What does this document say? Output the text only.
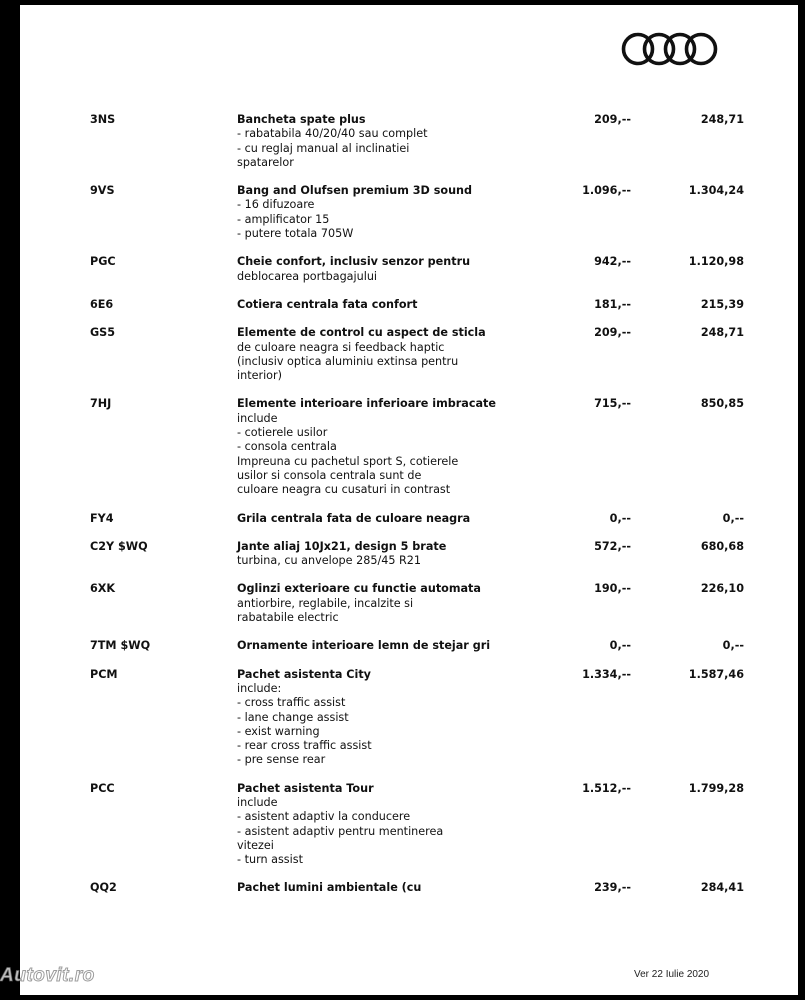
3NS	Bancheta spate plus
- rabatabila 40/20/40 sau complet
- cu reglaj manual al inclinatiei
spatarelor
209,--	248,71
9VS	Bang and Olufsen premium 3D sound
- 16 difuzoare
- amplificator 15
- putere totala 705W
1.096,--	1.304,24
PGC	Cheie confort, inclusiv senzor pentru
deblocarea portbagajului
942,--	1.120,98
6E6	Cotiera centrala fata confort	181,--	215,39
GS5	Elemente de control cu aspect de sticla
de culoare neagra si feedback haptic
(inclusiv optica aluminiu extinsa pentru
interior)
209,--	248,71
7HJ	Elemente interioare inferioare imbracate
include
- cotierele usilor
- consola centrala
Impreuna cu pachetul sport S, cotierele
usilor si consola centrala sunt de
culoare neagra cu cusaturi in contrast
715,--	850,85
FY4	Grila centrala fata de culoare neagra	0,--	0,--
C2Y $WQ	Jante aliaj 10Jx21, design 5 brate
turbina, cu anvelope 285/45 R21
572,--	680,68
6XK	Oglinzi exterioare cu functie automata
antiorbire, reglabile, incalzite si
rabatabile electric
190,--	226,10
7TM $WQ	Ornamente interioare lemn de stejar gri	0,--	0,--
PCM	Pachet asistenta City
include:
- cross traffic assist
- lane change assist
- exist warning
- rear cross traffic assist
- pre sense rear
1.334,--	1.587,46
PCC	Pachet asistenta Tour
include
- asistent adaptiv la conducere
- asistent adaptiv pentru mentinerea
vitezei
- turn assist
1.512,--	1.799,28
QQ2	Pachet lumini ambientale (cu	239,--	284,41
Ver 22 Iulie 2020
Autovit.ro
